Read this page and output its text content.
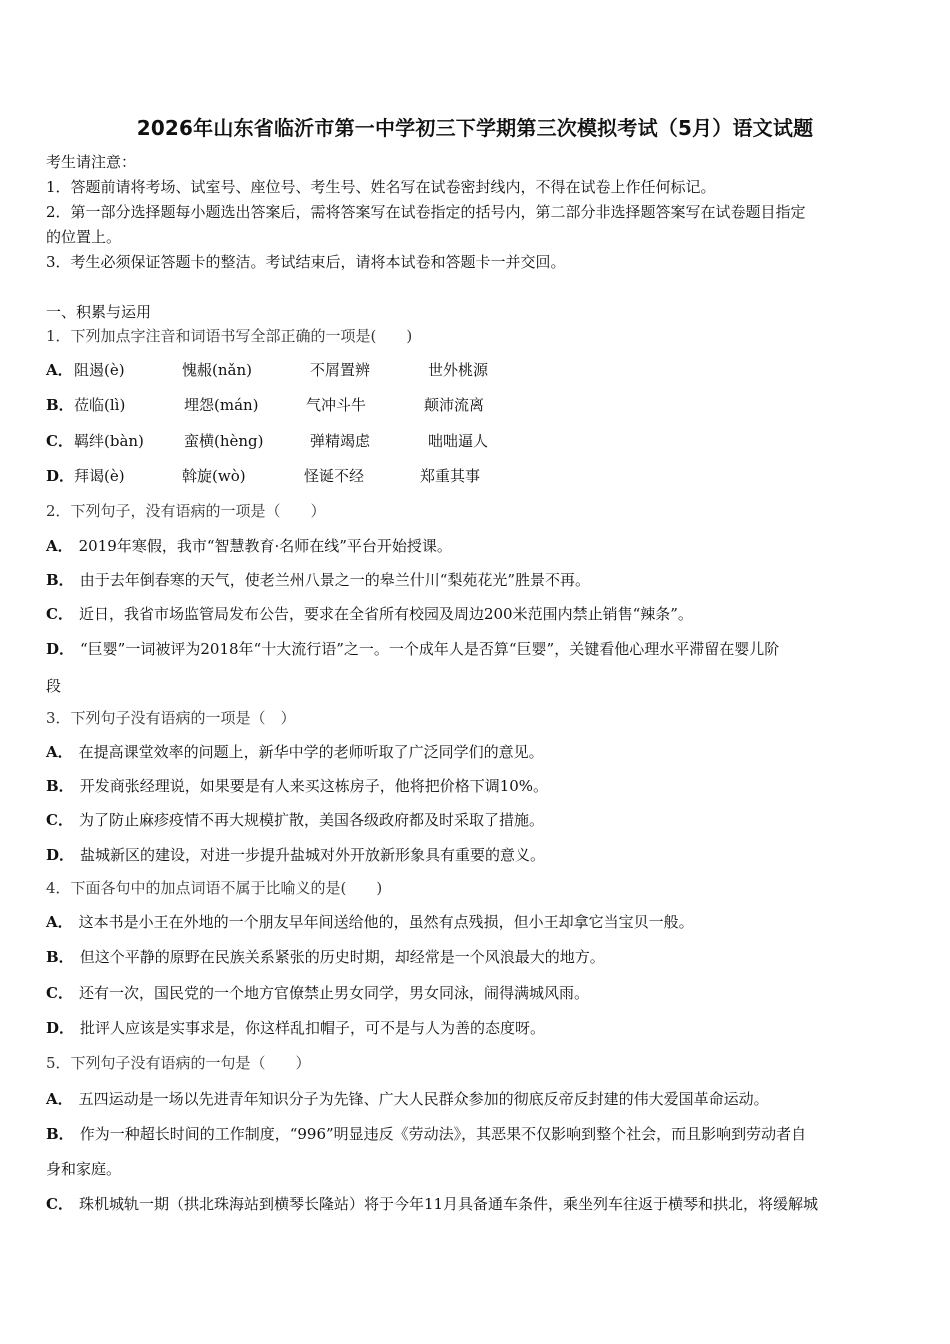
2026年山东省临沂市第一中学初三下学期第三次模拟考试（5月）语文试题
考生请注意：
1．答题前请将考场、试室号、座位号、考生号、姓名写在试卷密封线内，不得在试卷上作任何标记。
2．第一部分选择题每小题选出答案后，需将答案写在试卷指定的括号内，第二部分非选择题答案写在试卷题目指定
的位置上。
3．考生必须保证答题卡的整洁。考试结束后，请将本试卷和答题卡一并交回。
一、积累与运用
1．下列加点字注音和词语书写全部正确的一项是(　　)
A． 阻遏(è)	愧赧(nǎn)	不屑置辨	世外桃源
B． 莅临(lì)	埋怨(mán)	气冲斗牛	颠沛流离
C． 羁绊(bàn)	蛮横(hèng)	弹精竭虑	咄咄逼人
D． 拜谒(è)	斡旋(wò)	怪诞不经	郑重其事
2．下列句子，没有语病的一项是（　　）
A． 2019年寒假，我市“智慧教育·名师在线”平台开始授课。
B． 由于去年倒春寒的天气，使老兰州八景之一的皋兰什川“梨苑花光”胜景不再。
C． 近日，我省市场监管局发布公告，要求在全省所有校园及周边200米范围内禁止销售“辣条”。
D． “巨婴”一词被评为2018年“十大流行语”之一。一个成年人是否算“巨婴”，关键看他心理水平滞留在婴儿阶
段
3．下列句子没有语病的一项是（　）
A． 在提高课堂效率的问题上，新华中学的老师听取了广泛同学们的意见。
B． 开发商张经理说，如果要是有人来买这栋房子，他将把价格下调10%。
C． 为了防止麻疹疫情不再大规模扩散，美国各级政府都及时采取了措施。
D． 盐城新区的建设，对进一步提升盐城对外开放新形象具有重要的意义。
4．下面各句中的加点词语不属于比喻义的是(　　)
A． 这本书是小王在外地的一个朋友早年间送给他的，虽然有点残损，但小王却拿它当宝贝一般。
B． 但这个平静的原野在民族关系紧张的历史时期，却经常是一个风浪最大的地方。
C． 还有一次，国民党的一个地方官僚禁止男女同学，男女同泳，闹得满城风雨。
D． 批评人应该是实事求是，你这样乱扣帽子，可不是与人为善的态度呀。
5．下列句子没有语病的一句是（　　）
A． 五四运动是一场以先进青年知识分子为先锋、广大人民群众参加的彻底反帝反封建的伟大爱国革命运动。
B． 作为一种超长时间的工作制度，“996”明显违反《劳动法》，其恶果不仅影响到整个社会，而且影响到劳动者自
身和家庭。
C． 珠机城轨一期（拱北珠海站到横琴长隆站）将于今年11月具备通车条件，乘坐列车往返于横琴和拱北，将缓解城
